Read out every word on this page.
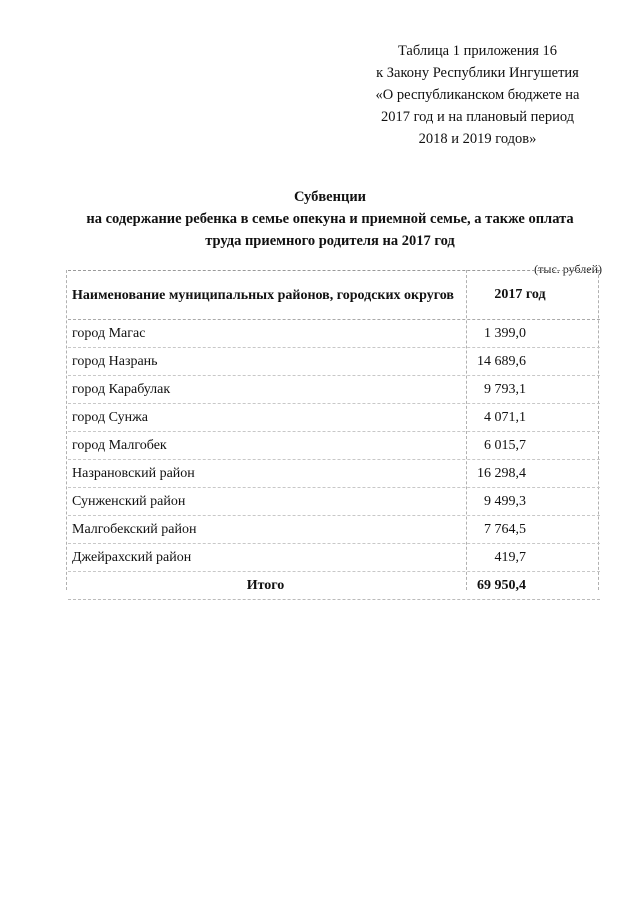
Таблица 1 приложения 16
к Закону Республики Ингушетия
«О республиканском бюджете на
2017 год и на плановый период
2018 и 2019 годов»
Субвенции
на содержание ребенка в семье опекуна и приемной семье, а также оплата
труда приемного родителя на 2017 год
(тыс. рублей)
Наименование муниципальных районов, городских округов	2017 год
город Магас	1 399,0
город Назрань	14 689,6
город Карабулак	9 793,1
город Сунжа	4 071,1
город Малгобек	6 015,7
Назрановский район	16 298,4
Сунженский район	9 499,3
Малгобекский район	7 764,5
Джейрахский район	419,7
Итого	69 950,4
